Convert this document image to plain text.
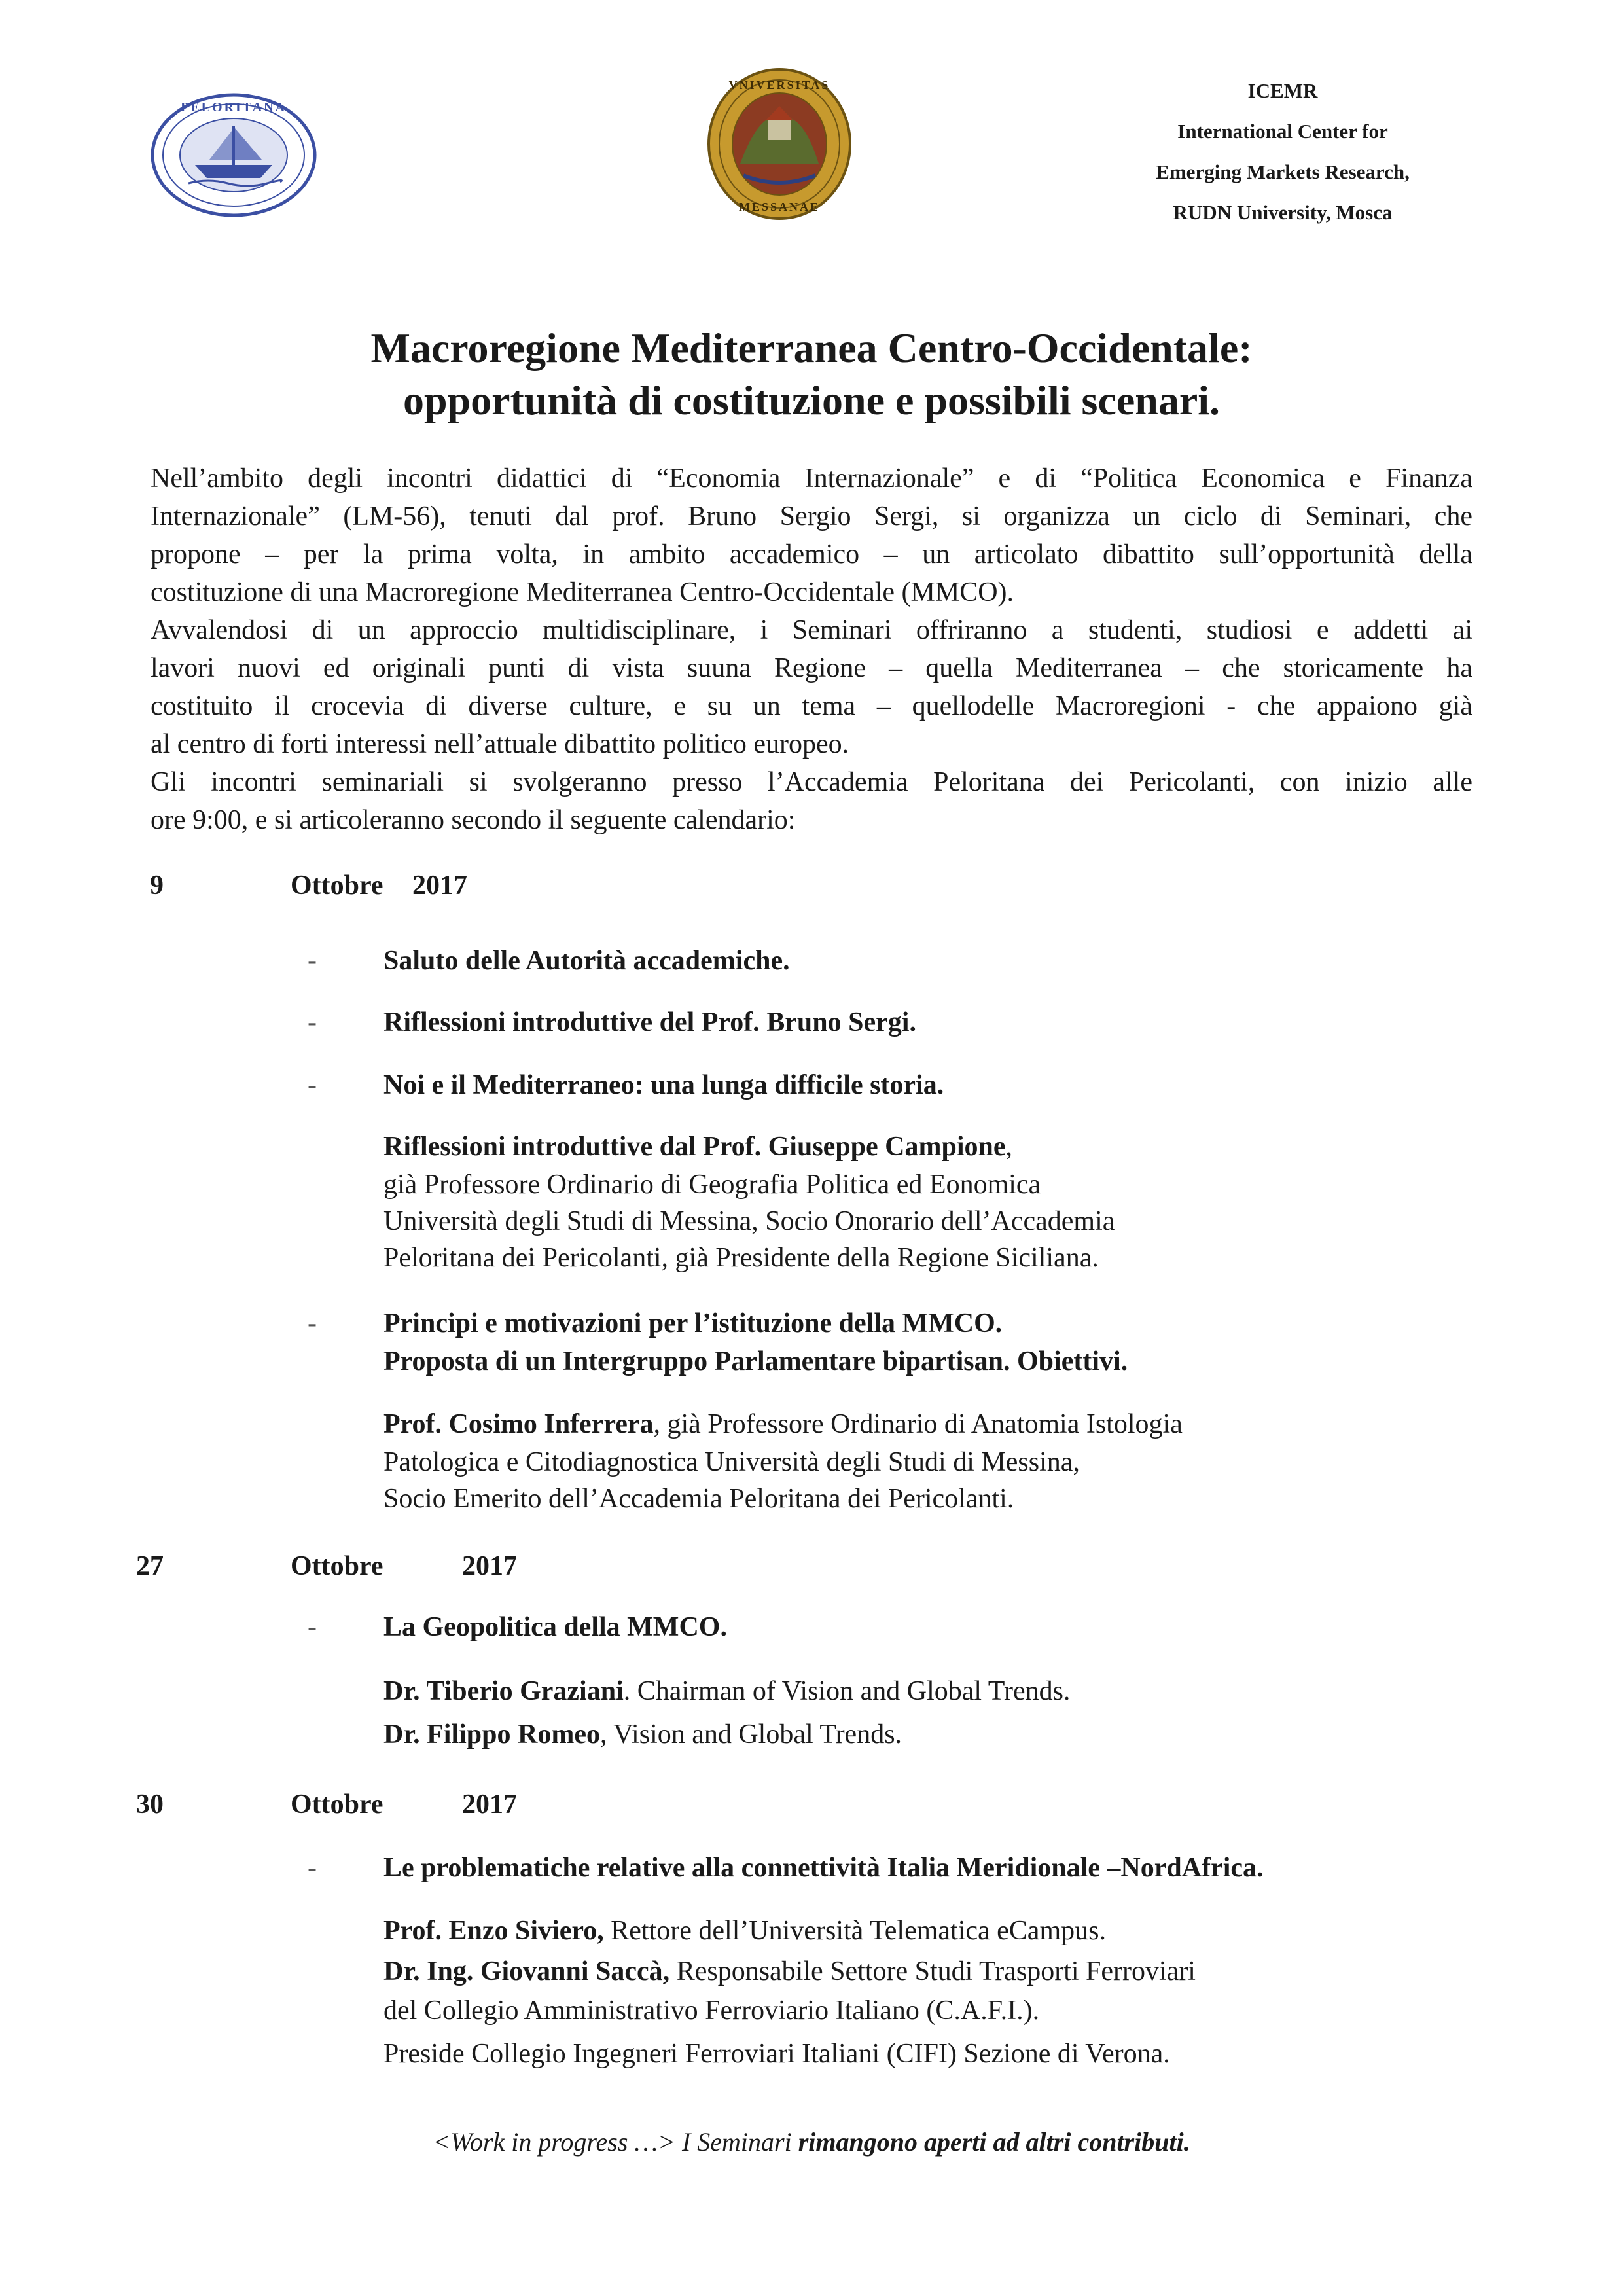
PELORITANA
VNIVERSITAS
MESSANAE
ICEMR
International Center for
Emerging Markets Research,
RUDN University, Mosca
Macroregione Mediterranea Centro-Occidentale:
opportunità di costituzione e possibili scenari.
Nell’ambito degli incontri didattici di “Economia Internazionale” e di “Politica Economica e Finanza
Internazionale” (LM-56), tenuti dal prof. Bruno Sergio Sergi, si organizza un ciclo di Seminari, che
propone – per la prima volta, in ambito accademico – un articolato dibattito sull’opportunità della
costituzione di una Macroregione Mediterranea Centro-Occidentale (MMCO).
Avvalendosi di un approccio multidisciplinare, i Seminari offriranno a studenti, studiosi e addetti ai
lavori nuovi ed originali punti di vista suuna Regione – quella Mediterranea – che storicamente ha
costituito il crocevia di diverse culture, e su un tema – quellodelle Macroregioni - che appaiono già
al centro di forti interessi nell’attuale dibattito politico europeo.
Gli incontri seminariali si svolgeranno presso l’Accademia Peloritana dei Pericolanti, con inizio alle
ore 9:00, e si articoleranno secondo il seguente calendario:
9	Ottobre 2017
- Saluto delle Autorità accademiche.
- Riflessioni introduttive del Prof. Bruno Sergi.
- Noi e il Mediterraneo: una lunga difficile storia.
Riflessioni introduttive dal Prof. Giuseppe Campione,
già Professore Ordinario di Geografia Politica ed Eonomica
Università degli Studi di Messina, Socio Onorario dell’Accademia
Peloritana dei Pericolanti, già Presidente della Regione Siciliana.
- Principi e motivazioni per l’istituzione della MMCO.
Proposta di un Intergruppo Parlamentare bipartisan. Obiettivi.
Prof. Cosimo Inferrera, già Professore Ordinario di Anatomia Istologia
Patologica e Citodiagnostica Università degli Studi di Messina,
Socio Emerito dell’Accademia Peloritana dei Pericolanti.
27	Ottobre	2017
- La Geopolitica della MMCO.
Dr. Tiberio Graziani. Chairman of Vision and Global Trends.
Dr. Filippo Romeo, Vision and Global Trends.
30	Ottobre	2017
- Le problematiche relative alla connettività Italia Meridionale –NordAfrica.
Prof. Enzo Siviero, Rettore dell’Università Telematica eCampus.
Dr. Ing. Giovanni Saccà, Responsabile Settore Studi Trasporti Ferroviari
del Collegio Amministrativo Ferroviario Italiano (C.A.F.I.).
Preside Collegio Ingegneri Ferroviari Italiani (CIFI) Sezione di Verona.
<Work in progress …> I Seminari rimangono aperti ad altri contributi.
